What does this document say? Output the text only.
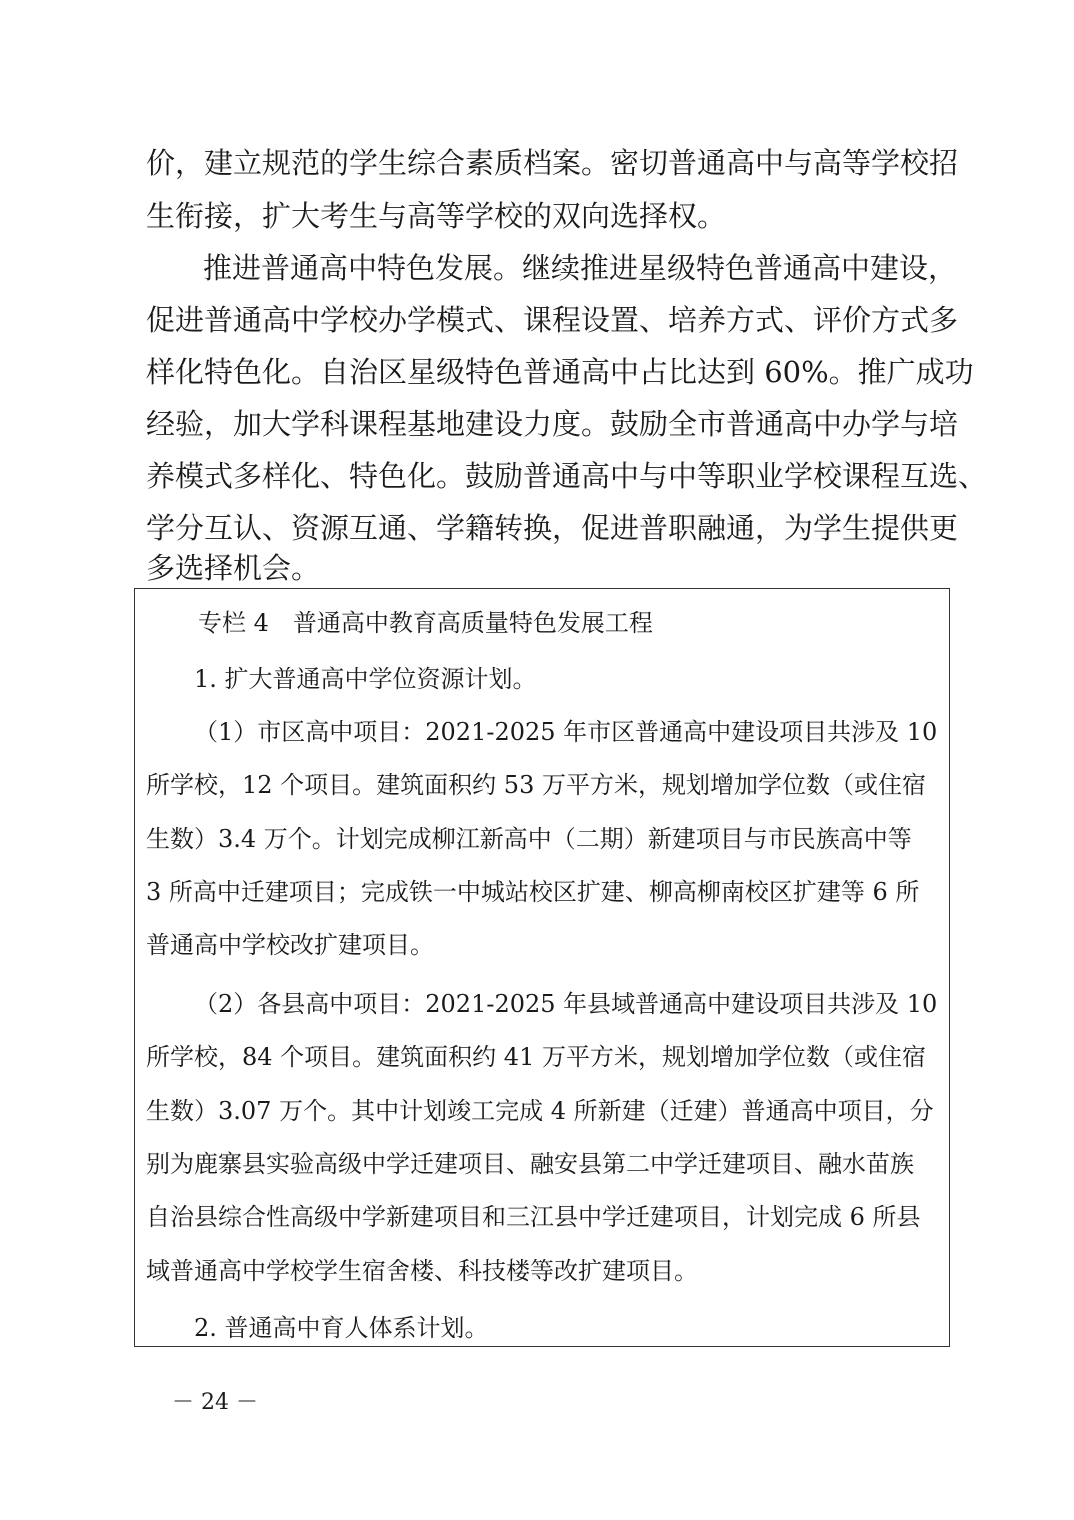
价，建立规范的学生综合素质档案。密切普通高中与高等学校招
生衔接，扩大考生与高等学校的双向选择权。
推进普通高中特色发展。继续推进星级特色普通高中建设，
促进普通高中学校办学模式、课程设置、培养方式、评价方式多
样化特色化。自治区星级特色普通高中占比达到 60%。推广成功
经验，加大学科课程基地建设力度。鼓励全市普通高中办学与培
养模式多样化、特色化。鼓励普通高中与中等职业学校课程互选、
学分互认、资源互通、学籍转换，促进普职融通，为学生提供更
多选择机会。
专栏 4　普通高中教育高质量特色发展工程
1. 扩大普通高中学位资源计划。
（1）市区高中项目：2021-2025 年市区普通高中建设项目共涉及 10
所学校，12 个项目。建筑面积约 53 万平方米，规划增加学位数（或住宿
生数）3.4 万个。计划完成柳江新高中（二期）新建项目与市民族高中等
3 所高中迁建项目；完成铁一中城站校区扩建、柳高柳南校区扩建等 6 所
普通高中学校改扩建项目。
（2）各县高中项目：2021-2025 年县域普通高中建设项目共涉及 10
所学校，84 个项目。建筑面积约 41 万平方米，规划增加学位数（或住宿
生数）3.07 万个。其中计划竣工完成 4 所新建（迁建）普通高中项目，分
别为鹿寨县实验高级中学迁建项目、融安县第二中学迁建项目、融水苗族
自治县综合性高级中学新建项目和三江县中学迁建项目，计划完成 6 所县
域普通高中学校学生宿舍楼、科技楼等改扩建项目。
2. 普通高中育人体系计划。
－ 24 －
